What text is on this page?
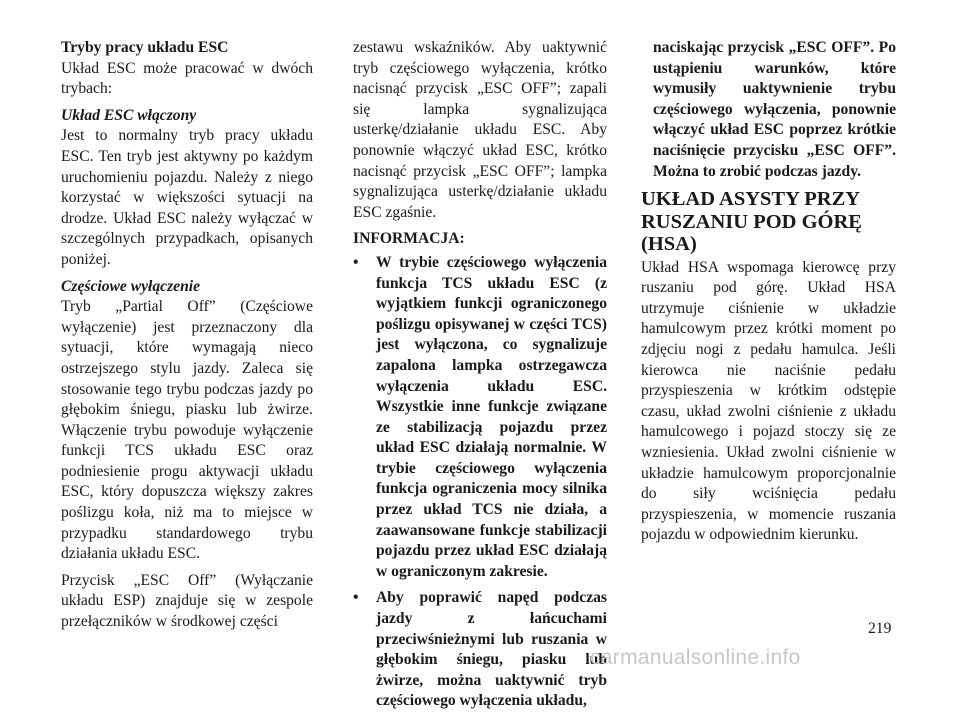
Tryby pracy układu ESC

Układ ESC może pracować w dwóch trybach:

Układ ESC włączony

Jest to normalny tryb pracy układu ESC. Ten tryb jest aktywny po każdym uruchomieniu pojazdu. Należy z niego korzystać w większości sytuacji na drodze. Układ ESC należy wyłączać w szczególnych przypadkach, opisanych poniżej.

Częściowe wyłączenie

Tryb „Partial Off” (Częściowe wyłączenie) jest przeznaczony dla sytuacji, które wymagają nieco ostrzejszego stylu jazdy. Zaleca się stosowanie tego trybu podczas jazdy po głębokim śniegu, piasku lub żwirze. Włączenie trybu powoduje wyłączenie funkcji TCS układu ESC oraz podniesienie progu aktywacji układu ESC, który dopuszcza większy zakres poślizgu koła, niż ma to miejsce w przypadku standardowego trybu działania układu ESC.

Przycisk „ESC Off” (Wyłączanie układu ESP) znajduje się w zespole przełączników w środkowej części

zestawu wskaźników. Aby uaktywnić tryb częściowego wyłączenia, krótko nacisnąć przycisk „ESC OFF”; zapali się lampka sygnalizująca usterkę/działanie układu ESC. Aby ponownie włączyć układ ESC, krótko nacisnąć przycisk „ESC OFF”; lampka sygnalizująca usterkę/działanie układu ESC zgaśnie.

INFORMACJA:

• W trybie częściowego wyłączenia funkcja TCS układu ESC (z wyjątkiem funkcji ograniczonego poślizgu opisywanej w części TCS) jest wyłączona, co sygnalizuje zapalona lampka ostrzegawcza wyłączenia układu ESC. Wszystkie inne funkcje związane ze stabilizacją pojazdu przez układ ESC działają normalnie. W trybie częściowego wyłączenia funkcja ograniczenia mocy silnika przez układ TCS nie działa, a zaawansowane funkcje stabilizacji pojazdu przez układ ESC działają w ograniczonym zakresie.
• Aby poprawić napęd podczas jazdy z łańcuchami przeciwśnieżnymi lub ruszania w głębokim śniegu, piasku lub żwirze, można uaktywnić tryb częściowego wyłączenia układu,
naciskając przycisk „ESC OFF”. Po ustąpieniu warunków, które wymusiły uaktywnienie trybu częściowego wyłączenia, ponownie włączyć układ ESC poprzez krótkie naciśnięcie przycisku „ESC OFF”. Można to zrobić podczas jazdy.
UKŁAD ASYSTY PRZY RUSZANIU POD GÓRĘ (HSA)

Układ HSA wspomaga kierowcę przy ruszaniu pod górę. Układ HSA utrzymuje ciśnienie w układzie hamulcowym przez krótki moment po zdjęciu nogi z pedału hamulca. Jeśli kierowca nie naciśnie pedału przyspieszenia w krótkim odstępie czasu, układ zwolni ciśnienie z układu hamulcowego i pojazd stoczy się ze wzniesienia. Układ zwolni ciśnienie w układzie hamulcowym proporcjonalnie do siły wciśnięcia pedału przyspieszenia, w momencie ruszania pojazdu w odpowiednim kierunku.

219
carmanualsonline.info
